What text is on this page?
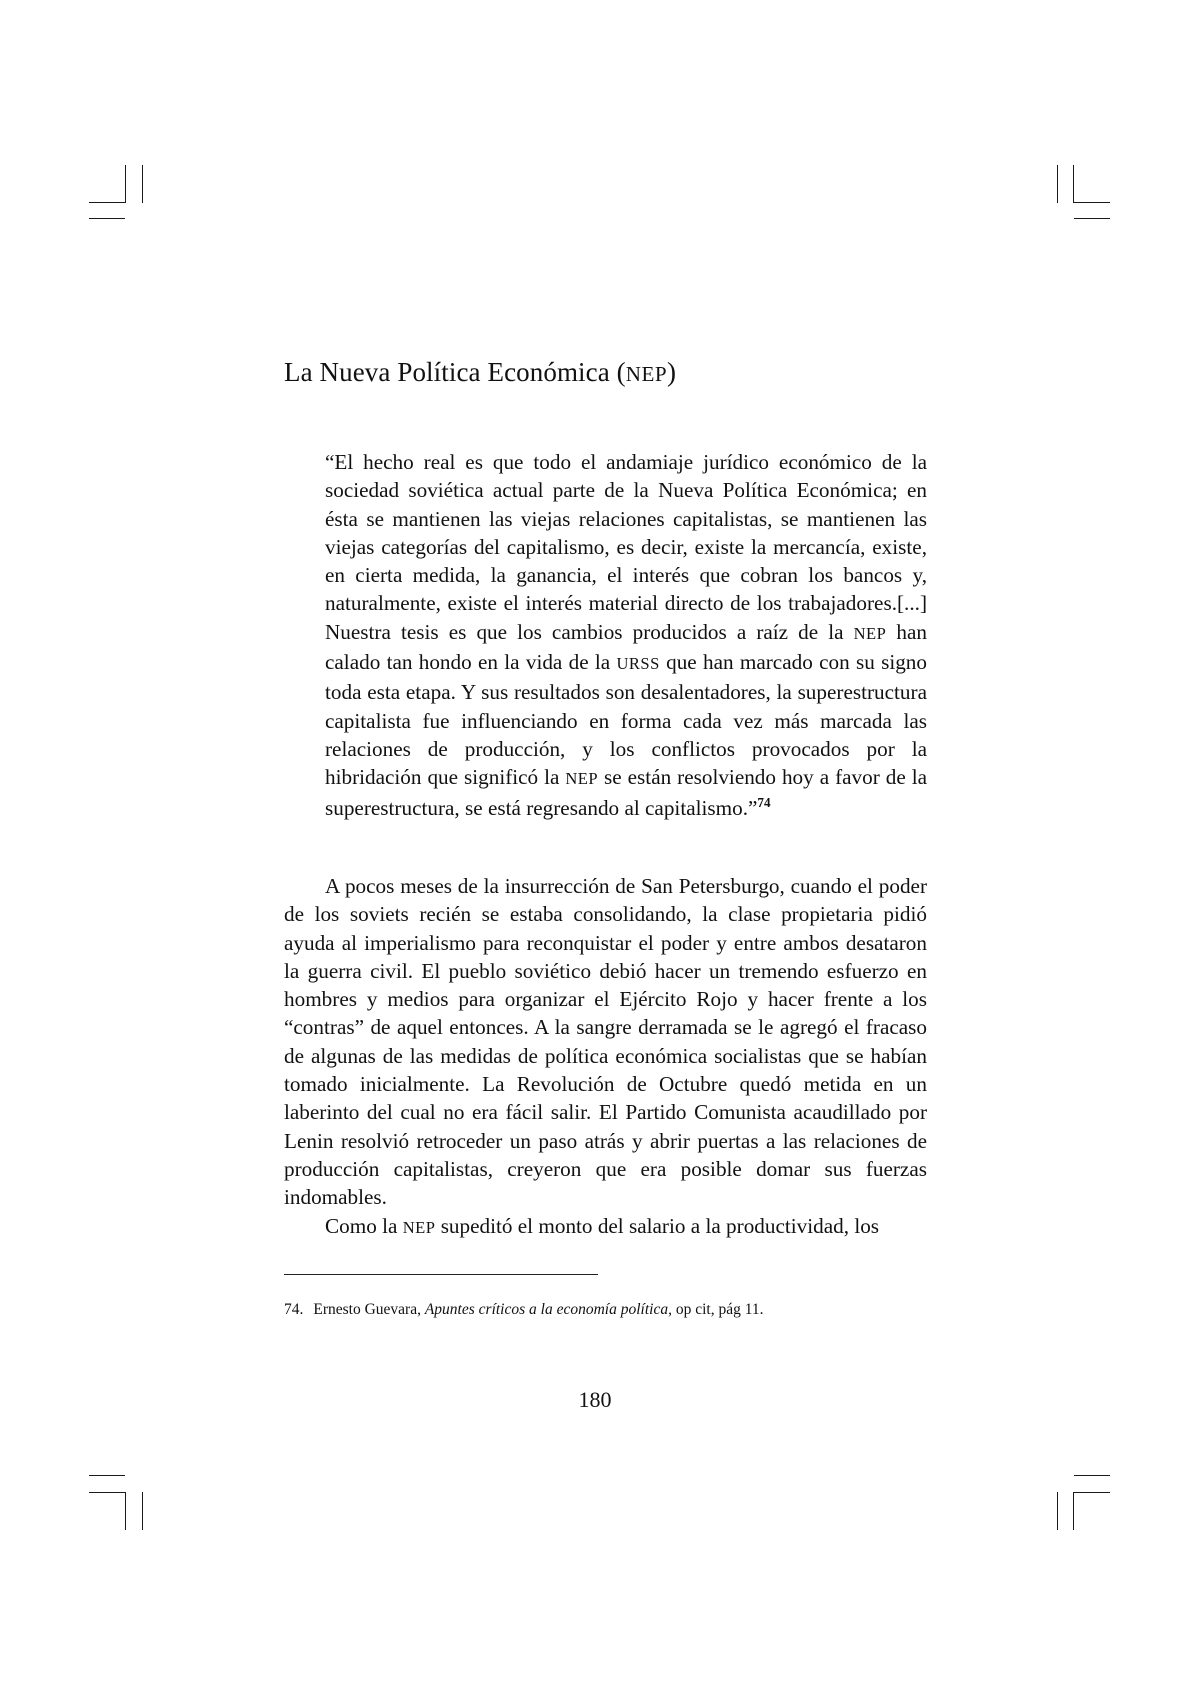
La Nueva Política Económica (NEP)

“El hecho real es que todo el andamiaje jurídico económico de la sociedad soviética actual parte de la Nueva Política Económica; en ésta se mantienen las viejas relaciones capitalistas, se mantienen las viejas categorías del capitalismo, es decir, existe la mercancía, existe, en cierta medida, la ganancia, el interés que cobran los bancos y, naturalmente, existe el interés material directo de los trabajadores.[...] Nuestra tesis es que los cambios producidos a raíz de la NEP han calado tan hondo en la vida de la URSS que han marcado con su signo toda esta etapa. Y sus resultados son desalentadores, la superestructura capitalista fue influenciando en forma cada vez más marcada las relaciones de producción, y los conflictos provocados por la hibridación que significó la NEP se están resolviendo hoy a favor de la superestructura, se está regresando al capitalismo.”$^{74}$

A pocos meses de la insurrección de San Petersburgo, cuando el poder de los soviets recién se estaba consolidando, la clase propietaria pidió ayuda al imperialismo para reconquistar el poder y entre ambos desataron la guerra civil. El pueblo soviético debió hacer un tremendo esfuerzo en hombres y medios para organizar el Ejército Rojo y hacer frente a los “contras” de aquel entonces. A la sangre derramada se le agregó el fracaso de algunas de las medidas de política económica socialistas que se habían tomado inicialmente. La Revolución de Octubre quedó metida en un laberinto del cual no era fácil salir. El Partido Comunista acaudillado por Lenin resolvió retroceder un paso atrás y abrir puertas a las relaciones de producción capitalistas, creyeron que era posible domar sus fuerzas indomables.

Como la NEP supeditó el monto del salario a la productividad, los

74. Ernesto Guevara, Apuntes críticos a la economía política, op cit, pág 11.

180
